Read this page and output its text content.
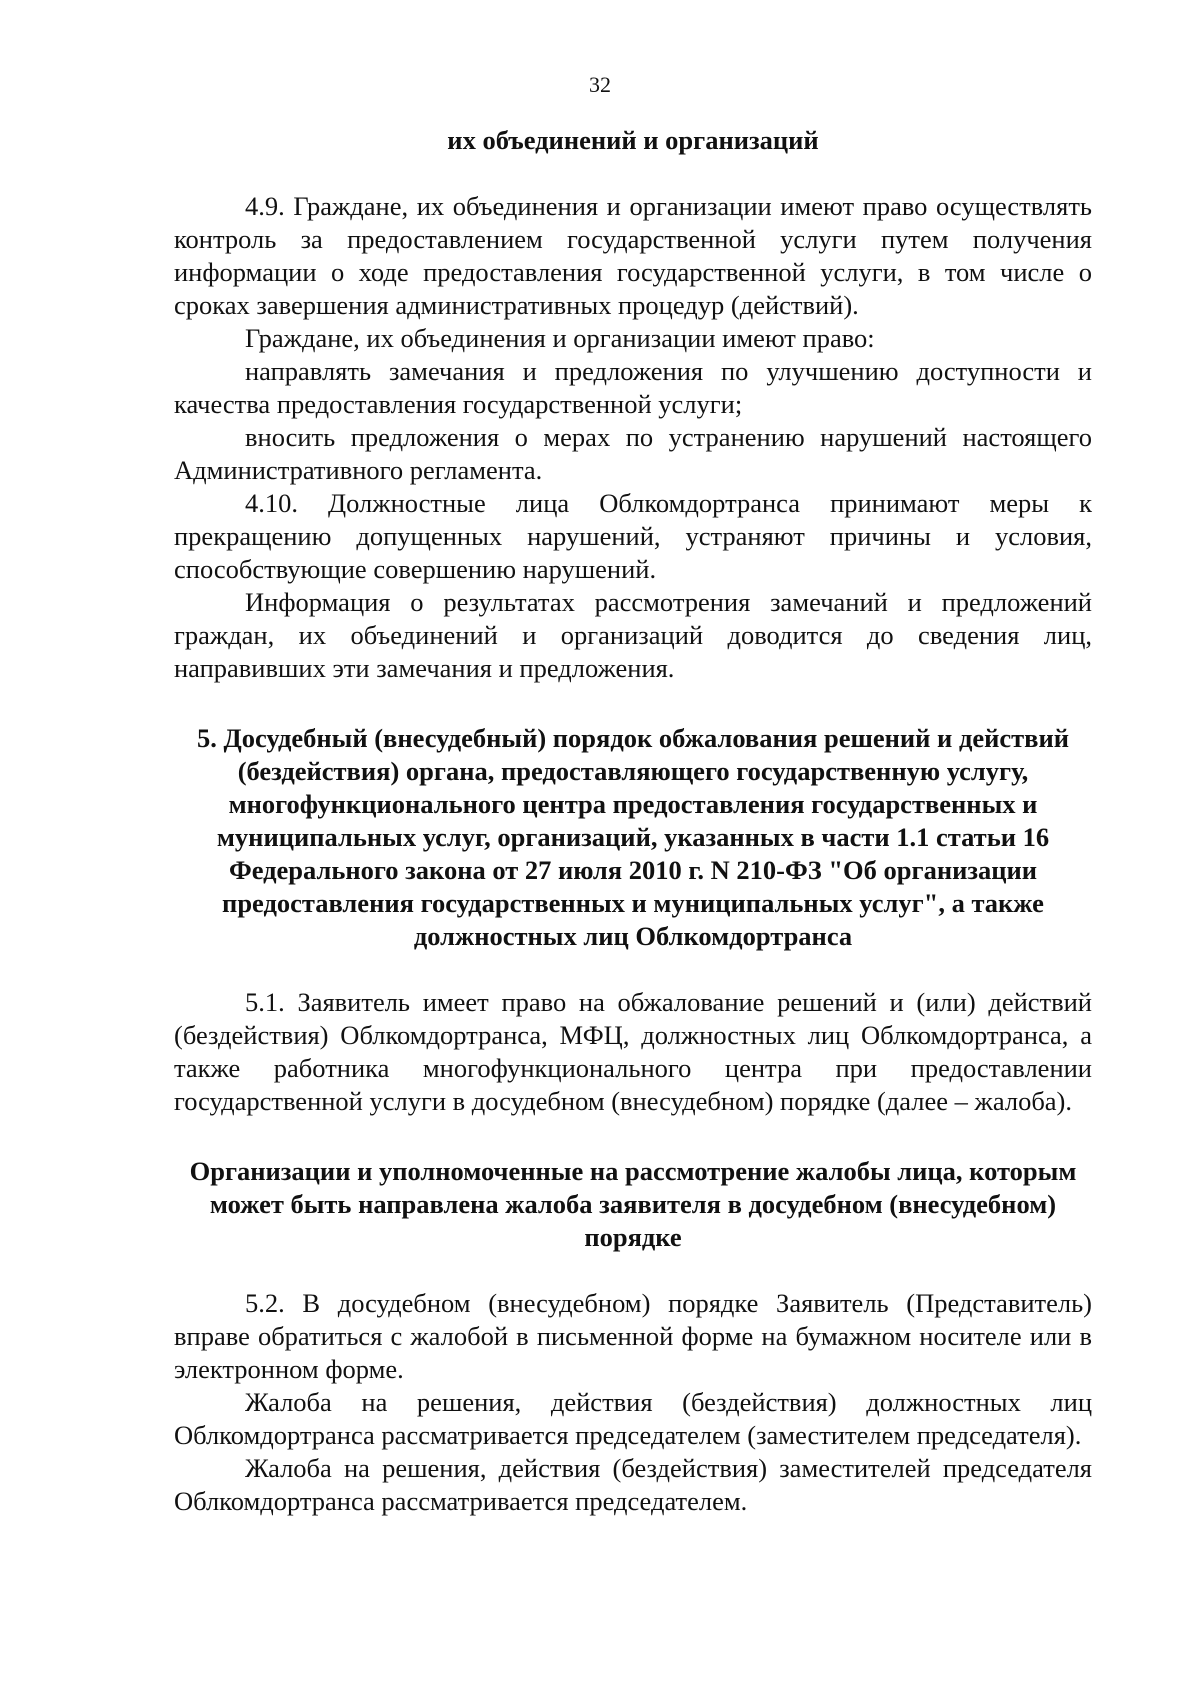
32

их объединений и организаций

4.9. Граждане, их объединения и организации имеют право осуществлять контроль за предоставлением государственной услуги путем получения информации о ходе предоставления государственной услуги, в том числе о сроках завершения административных процедур (действий).

Граждане, их объединения и организации имеют право:

направлять замечания и предложения по улучшению доступности и качества предоставления государственной услуги;

вносить предложения о мерах по устранению нарушений настоящего Административного регламента.

4.10. Должностные лица Облкомдортранса принимают меры к прекращению допущенных нарушений, устраняют причины и условия, способствующие совершению нарушений.

Информация о результатах рассмотрения замечаний и предложений граждан, их объединений и организаций доводится до сведения лиц, направивших эти замечания и предложения.

5. Досудебный (внесудебный) порядок обжалования решений и действий (бездействия) органа, предоставляющего государственную услугу, многофункционального центра предоставления государственных и муниципальных услуг, организаций, указанных в части 1.1 статьи 16 Федерального закона от 27 июля 2010 г. N 210-ФЗ "Об организации предоставления государственных и муниципальных услуг", а также должностных лиц Облкомдортранса

5.1. Заявитель имеет право на обжалование решений и (или) действий (бездействия) Облкомдортранса, МФЦ, должностных лиц Облкомдортранса, а также работника многофункционального центра при предоставлении государственной услуги в досудебном (внесудебном) порядке (далее – жалоба).

Организации и уполномоченные на рассмотрение жалобы лица, которым может быть направлена жалоба заявителя в досудебном (внесудебном) порядке

5.2. В досудебном (внесудебном) порядке Заявитель (Представитель) вправе обратиться с жалобой в письменной форме на бумажном носителе или в электронном форме.

Жалоба на решения, действия (бездействия) должностных лиц Облкомдортранса рассматривается председателем (заместителем председателя).

Жалоба на решения, действия (бездействия) заместителей председателя Облкомдортранса рассматривается председателем.
